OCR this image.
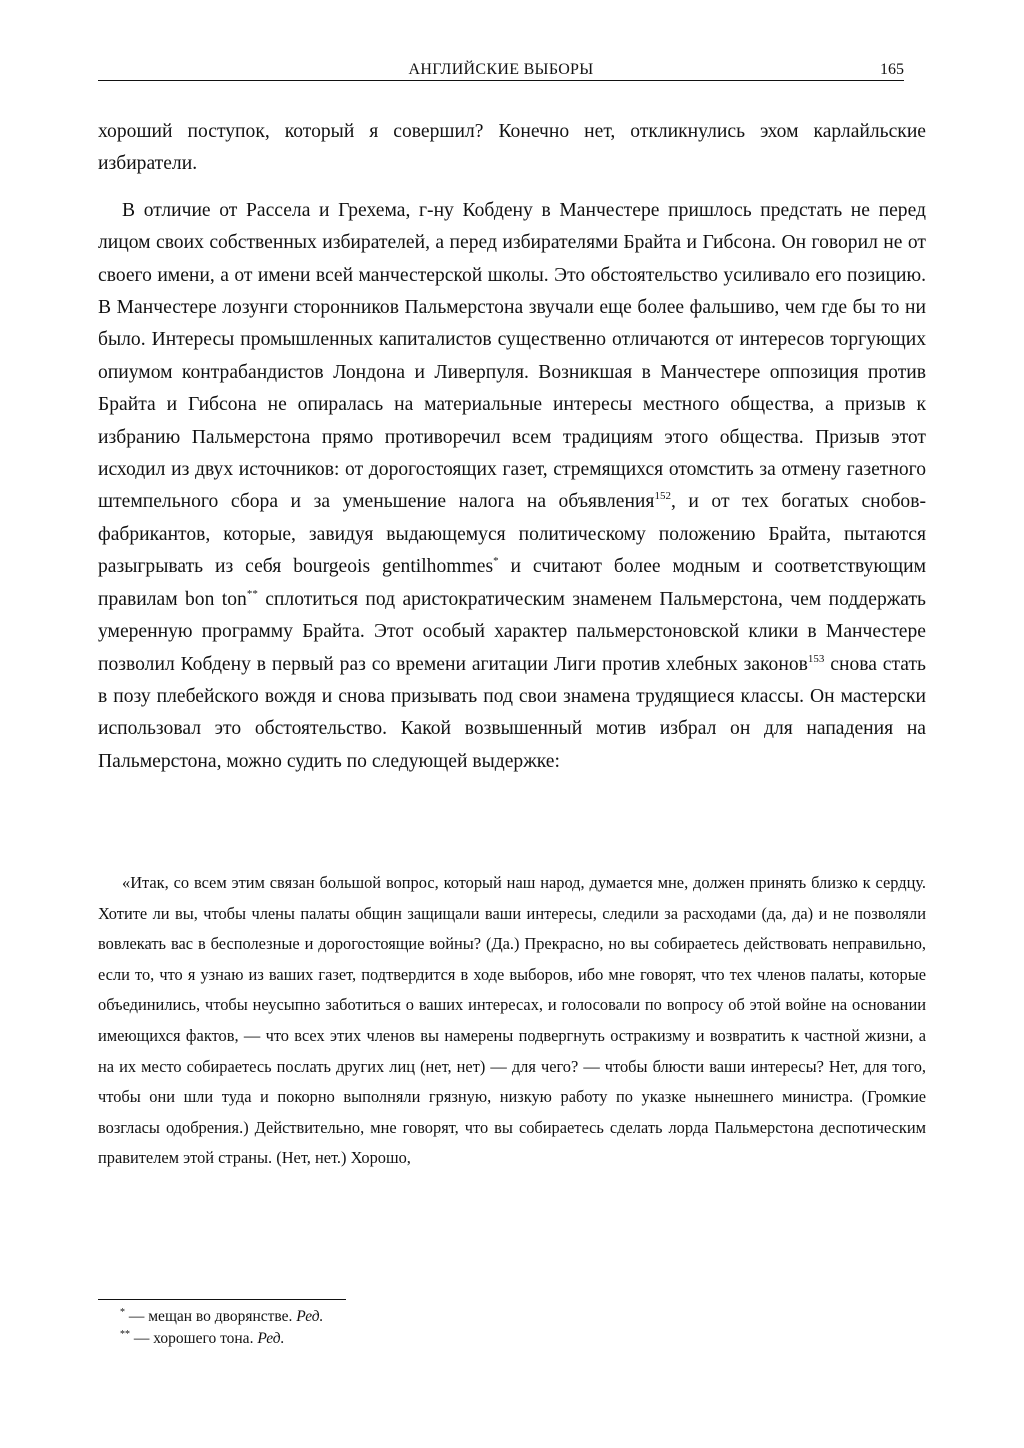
АНГЛИЙСКИЕ ВЫБОРЫ	165

хороший поступок, который я совершил? Конечно нет, откликнулись эхом карлайльские избиратели.

В отличие от Рассела и Грехема, г-ну Кобдену в Манчестере пришлось предстать не перед лицом своих собственных избирателей, а перед избирателями Брайта и Гибсона. Он говорил не от своего имени, а от имени всей манчестерской школы. Это обстоятельство усиливало его позицию. В Манчестере лозунги сторонников Пальмерстона звучали еще более фальшиво, чем где бы то ни было. Интересы промышленных капиталистов существенно отличаются от интересов торгующих опиумом контрабандистов Лондона и Ливерпуля. Возникшая в Манчестере оппозиция против Брайта и Гибсона не опиралась на материальные интересы местного общества, а призыв к избранию Пальмерстона прямо противоречил всем традициям этого общества. Призыв этот исходил из двух источников: от дорогостоящих газет, стремящихся отомстить за отмену газетного штемпельного сбора и за уменьшение налога на объявления$^{152}$, и от тех богатых снобов-фабрикантов, которые, завидуя выдающемуся политическому положению Брайта, пытаются разыгрывать из себя bourgeois gentilhommes* и считают более модным и соответствующим правилам bon ton** сплотиться под аристократическим знаменем Пальмерстона, чем поддержать умеренную программу Брайта. Этот особый характер пальмерстоновской клики в Манчестере позволил Кобдену в первый раз со времени агитации Лиги против хлебных законов$^{153}$ снова стать в позу плебейского вождя и снова призывать под свои знамена трудящиеся классы. Он мастерски использовал это обстоятельство. Какой возвышенный мотив избрал он для нападения на Пальмерстона, можно судить по следующей выдержке:

«Итак, со всем этим связан большой вопрос, который наш народ, думается мне, должен принять близко к сердцу. Хотите ли вы, чтобы члены палаты общин защищали ваши интересы, следили за расходами (да, да) и не позволяли вовлекать вас в бесполезные и дорогостоящие войны? (Да.) Прекрасно, но вы собираетесь действовать неправильно, если то, что я узнаю из ваших газет, подтвердится в ходе выборов, ибо мне говорят, что тех членов палаты, которые объединились, чтобы неусыпно заботиться о ваших интересах, и голосовали по вопросу об этой войне на основании имеющихся фактов, — что всех этих членов вы намерены подвергнуть остракизму и возвратить к частной жизни, а на их место собираетесь послать других лиц (нет, нет) — для чего? — чтобы блюсти ваши интересы? Нет, для того, чтобы они шли туда и покорно выполняли грязную, низкую работу по указке нынешнего министра. (Громкие возгласы одобрения.) Действительно, мне говорят, что вы собираетесь сделать лорда Пальмерстона деспотическим правителем этой страны. (Нет, нет.) Хорошо,
* — мещан во дворянстве. Ред.
** — хорошего тона. Ред.
